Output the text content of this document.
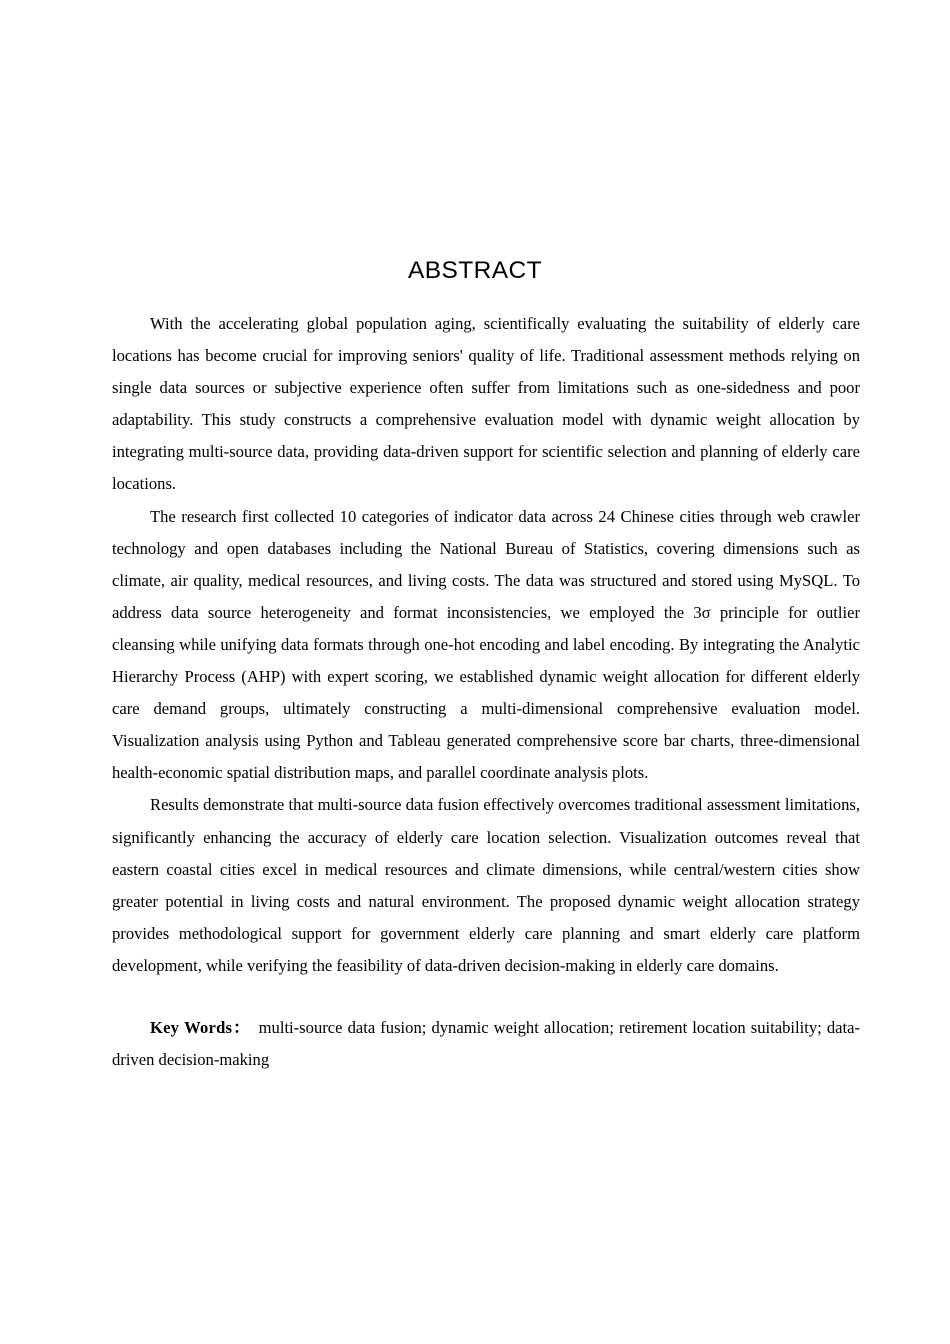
ABSTRACT

With the accelerating global population aging, scientifically evaluating the suitability of elderly care locations has become crucial for improving seniors' quality of life. Traditional assessment methods relying on single data sources or subjective experience often suffer from limitations such as one-sidedness and poor adaptability. This study constructs a comprehensive evaluation model with dynamic weight allocation by integrating multi-source data, providing data-driven support for scientific selection and planning of elderly care locations.

The research first collected 10 categories of indicator data across 24 Chinese cities through web crawler technology and open databases including the National Bureau of Statistics, covering dimensions such as climate, air quality, medical resources, and living costs. The data was structured and stored using MySQL. To address data source heterogeneity and format inconsistencies, we employed the 3σ principle for outlier cleansing while unifying data formats through one-hot encoding and label encoding. By integrating the Analytic Hierarchy Process (AHP) with expert scoring, we established dynamic weight allocation for different elderly care demand groups, ultimately constructing a multi-dimensional comprehensive evaluation model. Visualization analysis using Python and Tableau generated comprehensive score bar charts, three-dimensional health-economic spatial distribution maps, and parallel coordinate analysis plots.

Results demonstrate that multi-source data fusion effectively overcomes traditional assessment limitations, significantly enhancing the accuracy of elderly care location selection. Visualization outcomes reveal that eastern coastal cities excel in medical resources and climate dimensions, while central/western cities show greater potential in living costs and natural environment. The proposed dynamic weight allocation strategy provides methodological support for government elderly care planning and smart elderly care platform development, while verifying the feasibility of data-driven decision-making in elderly care domains.

Key Words： multi-source data fusion; dynamic weight allocation; retirement location suitability; data-driven decision-making
